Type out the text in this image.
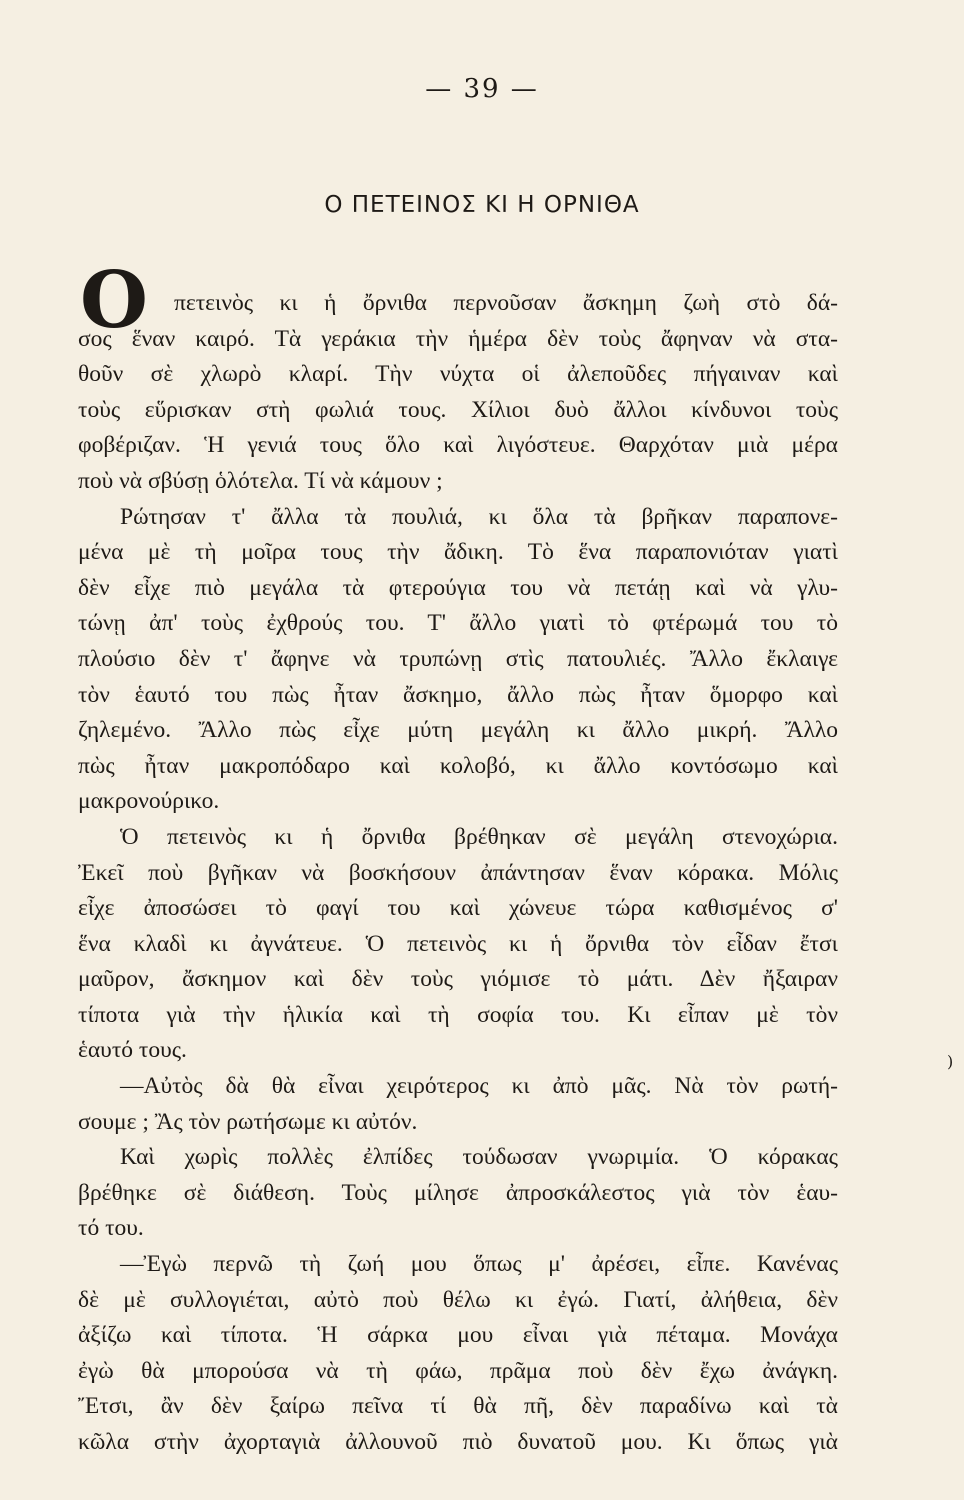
— 39 —
Ο ΠΕΤΕΙΝΟΣ ΚΙ Η ΟΡΝΙΘΑ
Ο	πετεινὸς κι ἡ ὄρνιθα περνοῦσαν ἄσκημη ζωὴ στὸ δά-
σος ἕναν καιρό. Τὰ γεράκια τὴν ἡμέρα δὲν τοὺς ἄφηναν νὰ στα-
θοῦν σὲ χλωρὸ κλαρί. Τὴν νύχτα οἱ ἀλεποῦδες πήγαιναν καὶ
τοὺς εὕρισκαν στὴ φωλιά τους. Χίλιοι δυὸ ἄλλοι κίνδυνοι τοὺς
φοβέριζαν. Ἡ γενιά τους ὅλο καὶ λιγόστευε. Θαρχόταν μιὰ μέρα
ποὺ νὰ σβύσῃ ὁλότελα. Τί νὰ κάμουν ;
Ρώτησαν τ' ἄλλα τὰ πουλιά, κι ὅλα τὰ βρῆκαν παραπονε-
μένα μὲ τὴ μοῖρα τους τὴν ἄδικη. Τὸ ἕνα παραπονιόταν γιατὶ
δὲν εἶχε πιὸ μεγάλα τὰ φτερούγια του νὰ πετάῃ καὶ νὰ γλυ-
τώνῃ ἀπ' τοὺς ἐχθρούς του. Τ' ἄλλο γιατὶ τὸ φτέρωμά του τὸ
πλούσιο δὲν τ' ἄφηνε νὰ τρυπώνῃ στὶς πατουλιές. Ἄλλο ἔκλαιγε
τὸν ἑαυτό του πὼς ἦταν ἄσκημο, ἄλλο πὼς ἦταν ὅμορφο καὶ
ζηλεμένο. Ἄλλο πὼς εἶχε μύτη μεγάλη κι ἄλλο μικρή. Ἄλλο
πὼς ἦταν μακροπόδαρο καὶ κολοβό, κι ἄλλο κοντόσωμο καὶ
μακρονούρικο.
Ὁ πετεινὸς κι ἡ ὄρνιθα βρέθηκαν σὲ μεγάλη στενοχώρια.
Ἐκεῖ ποὺ βγῆκαν νὰ βοσκήσουν ἀπάντησαν ἕναν κόρακα. Μόλις
εἶχε ἀποσώσει τὸ φαγί του καὶ χώνευε τώρα καθισμένος σ'
ἕνα κλαδὶ κι ἀγνάτευε. Ὁ πετεινὸς κι ἡ ὄρνιθα τὸν εἶδαν ἔτσι
μαῦρον, ἄσκημον καὶ δὲν τοὺς γιόμισε τὸ μάτι. Δὲν ἤξαιραν
τίποτα γιὰ τὴν ἡλικία καὶ τὴ σοφία του. Κι εἶπαν μὲ τὸν
ἑαυτό τους.
—Αὐτὸς δὰ θὰ εἶναι χειρότερος κι ἀπὸ μᾶς. Νὰ τὸν ρωτή-
σουμε ; Ἂς τὸν ρωτήσωμε κι αὐτόν.
Καὶ χωρὶς πολλὲς ἐλπίδες τούδωσαν γνωριμία. Ὁ κόρακας
βρέθηκε σὲ διάθεση. Τοὺς μίλησε ἀπροσκάλεστος γιὰ τὸν ἑαυ-
τό του.
—Ἐγὼ περνῶ τὴ ζωή μου ὅπως μ' ἀρέσει, εἶπε. Κανένας
δὲ μὲ συλλογιέται, αὐτὸ ποὺ θέλω κι ἐγώ. Γιατί, ἀλήθεια, δὲν
ἀξίζω καὶ τίποτα. Ἡ σάρκα μου εἶναι γιὰ πέταμα. Μονάχα
ἐγὼ θὰ μπορούσα νὰ τὴ φάω, πρᾶμα ποὺ δὲν ἔχω ἀνάγκη.
Ἔτσι, ἂν δὲν ξαίρω πεῖνα τί θὰ πῆ, δὲν παραδίνω καὶ τὰ
κῶλα στὴν ἀχορταγιὰ ἀλλουνοῦ πιὸ δυνατοῦ μου. Κι ὅπως γιὰ
)
